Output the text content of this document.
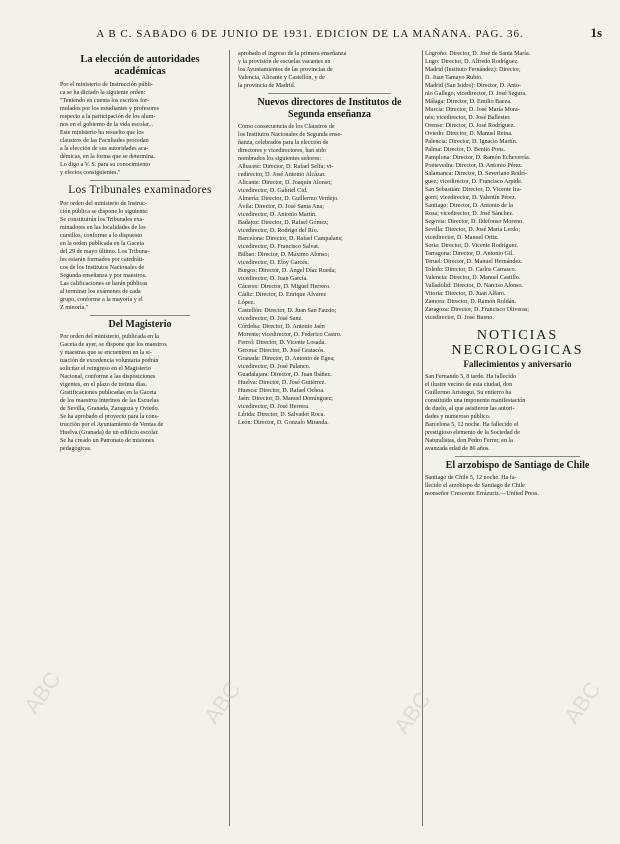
A B C. SABADO 6 DE JUNIO DE 1931. EDICION DE LA MAÑANA. PAG. 36.	1s
La elección de autoridades académicas
Por el ministerio de Instrucción públi-
ca se ha dictado la siguiente orden:
"Teniendo en cuenta los escritos for-
mulados por los estudiantes y profesores
respecto a la participación de los alum-
nos en el gobierno de la vida escolar...
Este ministerio ha resuelto que los
claustros de las Facultades procedan
a la elección de sus autoridades aca-
démicas, en la forma que se determina.
Lo digo a V. S. para su conocimiento
y efectos consiguientes."
Los Tribunales examinadores
Por orden del ministerio de Instruc-
ción pública se dispone lo siguiente:
Se constituirán los Tribunales exa-
minadores en las localidades de los
cursillos, conforme a lo dispuesto
en la orden publicada en la Gaceta
del 29 de mayo último. Los Tribuna-
les estarán formados por catedráti-
cos de los Institutos Nacionales de
Segunda enseñanza y por maestros.
Las calificaciones se harán públicas
al terminar los exámenes de cada
grupo, conforme a la mayoría y el
Z minoría."
Del Magisterio
Por orden del ministerio, publicada en la
Gaceta de ayer, se dispone que los maestros
y maestras que se encuentren en la si-
tuación de excedencia voluntaria podrán
solicitar el reingreso en el Magisterio
Nacional, conforme a las disposiciones
vigentes, en el plazo de treinta días.
Gratificaciones publicadas en la Gaceta
de los maestros interinos de las Escuelas
de Sevilla, Granada, Zaragoza y Oviedo.
Se ha aprobado el proyecto para la cons-
trucción por el Ayuntamiento de Ventas de
Huelva (Granada) de un edificio escolar.
Se ha creado un Patronato de misiones
pedagógicas.
aprobado el ingreso de la primera enseñanza
y la provisión de escuelas vacantes en
los Ayuntamientos de las provincias de
Valencia, Alicante y Castellón, y de
la provincia de Madrid.
Nuevos directores de Institutos de Segunda enseñanza
Como consecuencia de los Claustros de
los Institutos Nacionales de Segunda ense-
ñanza, celebrados para la elección de
directores y vicedirectores, han sido
nombrados los siguientes señores:
Albacete: Director, D. Rafael Selfa; vi-
cedirector, D. José Antonio Alcázar.
Alicante: Director, D. Joaquín Alonso;
vicedirector, D. Gabriel Cid.
Almería: Director, D. Guillermo Verdejo.
Ávila: Director, D. José Santa Ana;
vicedirector, D. Antonio Martín.
Badajoz: Director, D. Rafael Gómez;
vicedirector, D. Rodrigo del Río.
Barcelona: Director, D. Rafael Campalans;
vicedirector, D. Francisco Salvat.
Bilbao: Director, D. Máximo Alonso;
vicedirector, D. Eloy Garcés.
Burgos: Director, D. Ángel Díaz Rueda;
vicedirector, D. Juan García.
Cáceres: Director, D. Miguel Herrero.
Cádiz: Director, D. Enrique Álvarez
López.
Castellón: Director, D. Juan San Fausto;
vicedirector, D. José Sanz.
Córdoba: Director, D. Antonio Jaén
Morente; vicedirector, D. Federico Castro.
Ferrol: Director, D. Vicente Losada.
Gerona: Director, D. José Gratacós.
Granada: Director, D. Antonio de Egea;
vicedirector, D. José Palanco.
Guadalajara: Director, D. Juan Ibáñez.
Huelva: Director, D. José Gutiérrez.
Huesca: Director, D. Rafael Ochoa.
Jaén: Director, D. Manuel Domínguez;
vicedirector, D. José Herrera.
Lérida: Director, D. Salvador Roca.
León: Director, D. Gonzalo Miranda.
Logroño: Director, D. José de Santa María.
Lugo: Director, D. Alfredo Rodríguez.
Madrid (Instituto Fernández): Director,
D. Juan Tamayo Rubio.
Madrid (San Isidro): Director, D. Anto-
nio Gallego; vicedirector, D. José Segura.
Málaga: Director, D. Emilio Baeza.
Murcia: Director, D. José María Mora-
nés; vicedirector, D. José Ballester.
Orense: Director, D. José Rodríguez.
Oviedo: Director, D. Manuel Reina.
Palencia: Director, D. Ignacio Martín.
Palma: Director, D. Benito Pons.
Pamplona: Director, D. Ramón Echeverría.
Pontevedra: Director, D. Antonio Pérez.
Salamanca: Director, D. Severiano Rodrí-
guez; vicedirector, D. Francisco Arpide.
San Sebastián: Director, D. Vicente Ira-
gorri; vicedirector, D. Valentín Pérez.
Santiago: Director, D. Antonio de la
Rosa; vicedirector, D. José Sánchez.
Segovia: Director, D. Ildefonso Moreno.
Sevilla: Director, D. José María Lerdo;
vicedirector, D. Manuel Ortiz.
Soria: Director, D. Vicente Rodríguez.
Tarragona: Director, D. Antonio Gil.
Teruel: Director, D. Manuel Hernández.
Toledo: Director, D. Carlos Carrasco.
Valencia: Director, D. Manuel Castillo.
Valladolid: Director, D. Narciso Alonso.
Vitoria: Director, D. Juan Alfaro.
Zamora: Director, D. Ramón Roldán.
Zaragoza: Director, D. Francisco Oliveras;
vicedirector, D. José Bueno.
NOTICIAS NECROLOGICAS
Fallecimientos y aniversario
San Fernando 5, 8 tarde. Ha fallecido
el ilustre vecino de esta ciudad, don
Guillermo Aristegui. Su entierro ha
constituido una imponente manifestación
de duelo, al que asistieron las autori-
dades y numeroso público.
Barcelona 5, 12 noche. Ha fallecido el
prestigioso elemento de la Sociedad de
Naturalistas, don Pedro Ferrer, en la
avanzada edad de 86 años.
El arzobispo de Santiago de Chile
Santiago de Chile 5, 12 noche. Ha fa-
llecido el arzobispo de Santiago de Chile
monseñor Crescente Errázuriz.—United Press.
ABC	ABC	ABC	ABC
